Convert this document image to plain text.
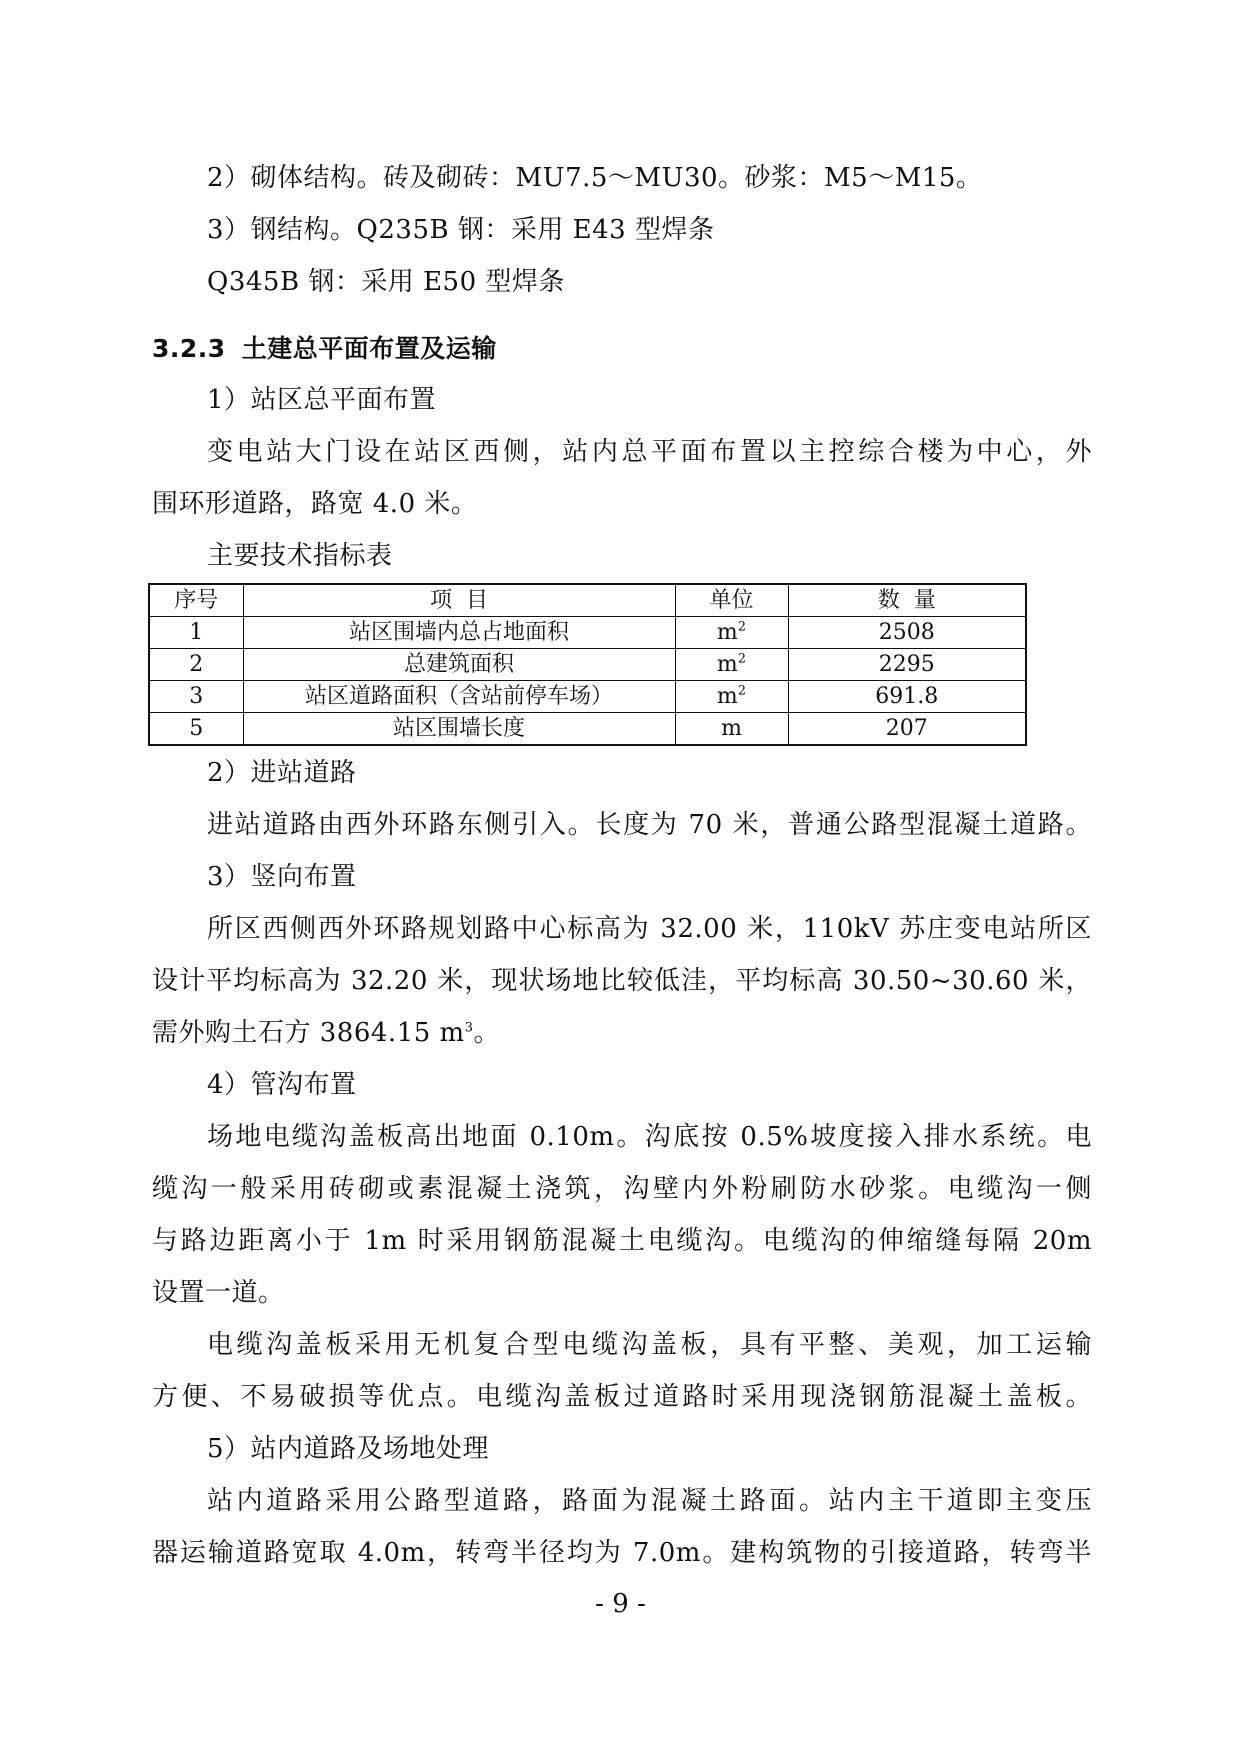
2）砌体结构。砖及砌砖：MU7.5～MU30。砂浆：M5～M15。
3）钢结构。Q235B 钢：采用 E43 型焊条
Q345B 钢：采用 E50 型焊条
3.2.3 土建总平面布置及运输
1）站区总平面布置
变电站大门设在站区西侧，站内总平面布置以主控综合楼为中心，外
围环形道路，路宽 4.0 米。
主要技术指标表
序号	项  目	单位	数  量
1	站区围墙内总占地面积	$m^2$	2508
2	总建筑面积	$m^2$	2295
3	站区道路面积（含站前停车场）	$m^2$	691.8
5	站区围墙长度	m	207
2）进站道路
进站道路由西外环路东侧引入。长度为 70 米，普通公路型混凝土道路。
3）竖向布置
所区西侧西外环路规划路中心标高为 32.00 米，110kV 苏庄变电站所区
设计平均标高为 32.20 米，现状场地比较低洼，平均标高 30.50~30.60 米，
需外购土石方 3864.15 $m^3$。
4）管沟布置
场地电缆沟盖板高出地面 0.10m。沟底按 0.5%坡度接入排水系统。电
缆沟一般采用砖砌或素混凝土浇筑，沟壁内外粉刷防水砂浆。电缆沟一侧
与路边距离小于 1m 时采用钢筋混凝土电缆沟。电缆沟的伸缩缝每隔 20m
设置一道。
电缆沟盖板采用无机复合型电缆沟盖板，具有平整、美观，加工运输
方便、不易破损等优点。电缆沟盖板过道路时采用现浇钢筋混凝土盖板。
5）站内道路及场地处理
站内道路采用公路型道路，路面为混凝土路面。站内主干道即主变压
器运输道路宽取 4.0m，转弯半径均为 7.0m。建构筑物的引接道路，转弯半
- 9 -
